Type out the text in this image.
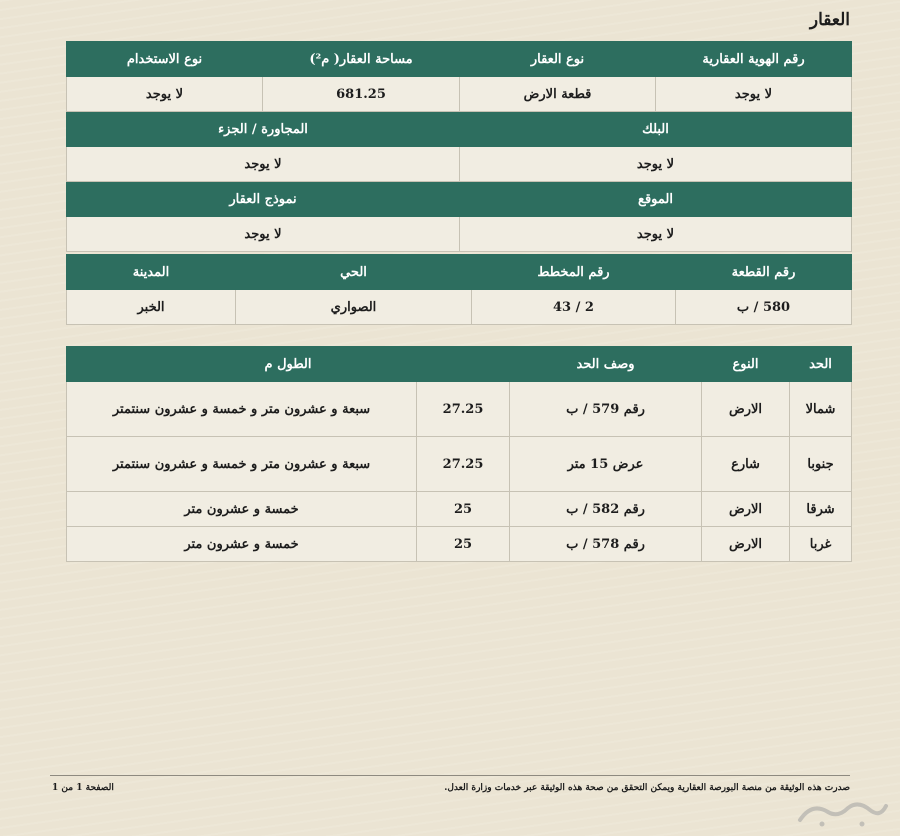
العقار
رقم الهوية العقارية	نوع العقار	مساحة العقار( م²)	نوع الاستخدام
لا يوجد	قطعة الارض	681.25	لا يوجد
البلك		المجاورة / الجزء	
لا يوجد		لا يوجد	
الموقع		نموذج العقار	
لا يوجد		لا يوجد	
رقم القطعة	رقم المخطط	الحي	المدينة
580 / ب	2 / 43	الصواري	الخبر
الحد	النوع	وصف الحد	الطول م	
شمالا	الارض	رقم 579 / ب	27.25	سبعة و عشرون متر و خمسة و عشرون سنتمتر
جنوبا	شارع	عرض 15 متر	27.25	سبعة و عشرون متر و خمسة و عشرون سنتمتر
شرقا	الارض	رقم 582 / ب	25	خمسة و عشرون متر
غربا	الارض	رقم 578 / ب	25	خمسة و عشرون متر
صدرت هذه الوثيقة من منصة البورصة العقارية ويمكن التحقق من صحة هذه الوثيقة عبر خدمات وزارة العدل.
الصفحة 1 من 1
